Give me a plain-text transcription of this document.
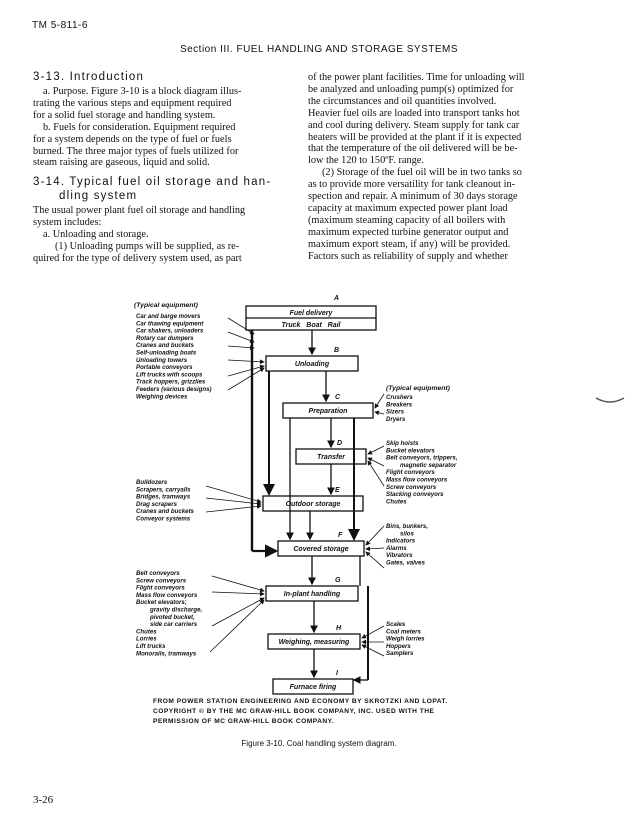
TM 5-811-6
Section III. FUEL HANDLING AND STORAGE SYSTEMS

3-13. Introduction

a. Purpose. Figure 3-10 is a block diagram illus-

trating the various steps and equipment required

for a solid fuel storage and handling system.

b. Fuels for consideration. Equipment required

for a system depends on the type of fuel or fuels

burned. The three major types of fuels utilized for

steam raising are gaseous, liquid and solid.

3-14. Typical fuel oil storage and han-

dling system

The usual power plant fuel oil storage and handling

system includes:

a. Unloading and storage.

(1) Unloading pumps will be supplied, as re-

quired for the type of delivery system used, as part

of the power plant facilities. Time for unloading will

be analyzed and unloading pump(s) optimized for

the circumstances and oil quantities involved.

Heavier fuel oils are loaded into transport tanks hot

and cool during delivery. Steam supply for tank car

heaters will be provided at the plant if it is expected

that the temperature of the oil delivered will be be-

low the 120 to 150ºF. range.

(2) Storage of the fuel oil will be in two tanks so

as to provide more versatility for tank cleanout in-

spection and repair. A minimum of 30 days storage

capacity at maximum expected power plant load

(maximum steaming capacity of all boilers with

maximum expected turbine generator output and

maximum export steam, if any) will be provided.

Factors such as reliability of supply and whether

Fuel delivery
Truck   Boat   Rail
Unloading
Preparation
Transfer
Outdoor storage
Covered storage
In-plant handling
Weighing, measuring
Furnace firing
A
B
C
D
E
F
G
H
I
(Typical equipment)
(Typical equipment)
Car and barge movers Car thawing equipment Car shakers, unloaders Rotary car dumpers Cranes and buckets Self-unloading boats Unloading towers Portable conveyors Lift trucks with scoops Track hoppers, grizzlies Feeders (various designs) Weighing devices	Crushers Breakers Sizers Dryers
Skip hoists Bucket elevators Belt conveyors, trippers, magnetic separator Flight conveyors Mass flow conveyors Screw conveyors Stacking conveyors Chutes
Bulldozers Scrapers, carryalls Bridges, tramways Drag scrapers Cranes and buckets Conveyor systems
Bins, bunkers, silos Indicators Alarms Vibrators Gates, valves
Belt conveyors Screw conveyors Flight conveyors Mass flow conveyors Bucket elevators; gravity discharge, pivoted bucket, side car carriers Chutes Lorries Lift trucks Monorails, tramways
Scales Coal meters Weigh lorries Hoppers Samplers
FROM POWER STATION ENGINEERING AND ECONOMY BY SKROTZKI AND LOPAT.
COPYRIGHT © BY THE MC GRAW-HILL BOOK COMPANY, INC. USED WITH THE
PERMISSION OF MC GRAW-HILL BOOK COMPANY.
Figure 3-10. Coal handling system diagram.
3-26
